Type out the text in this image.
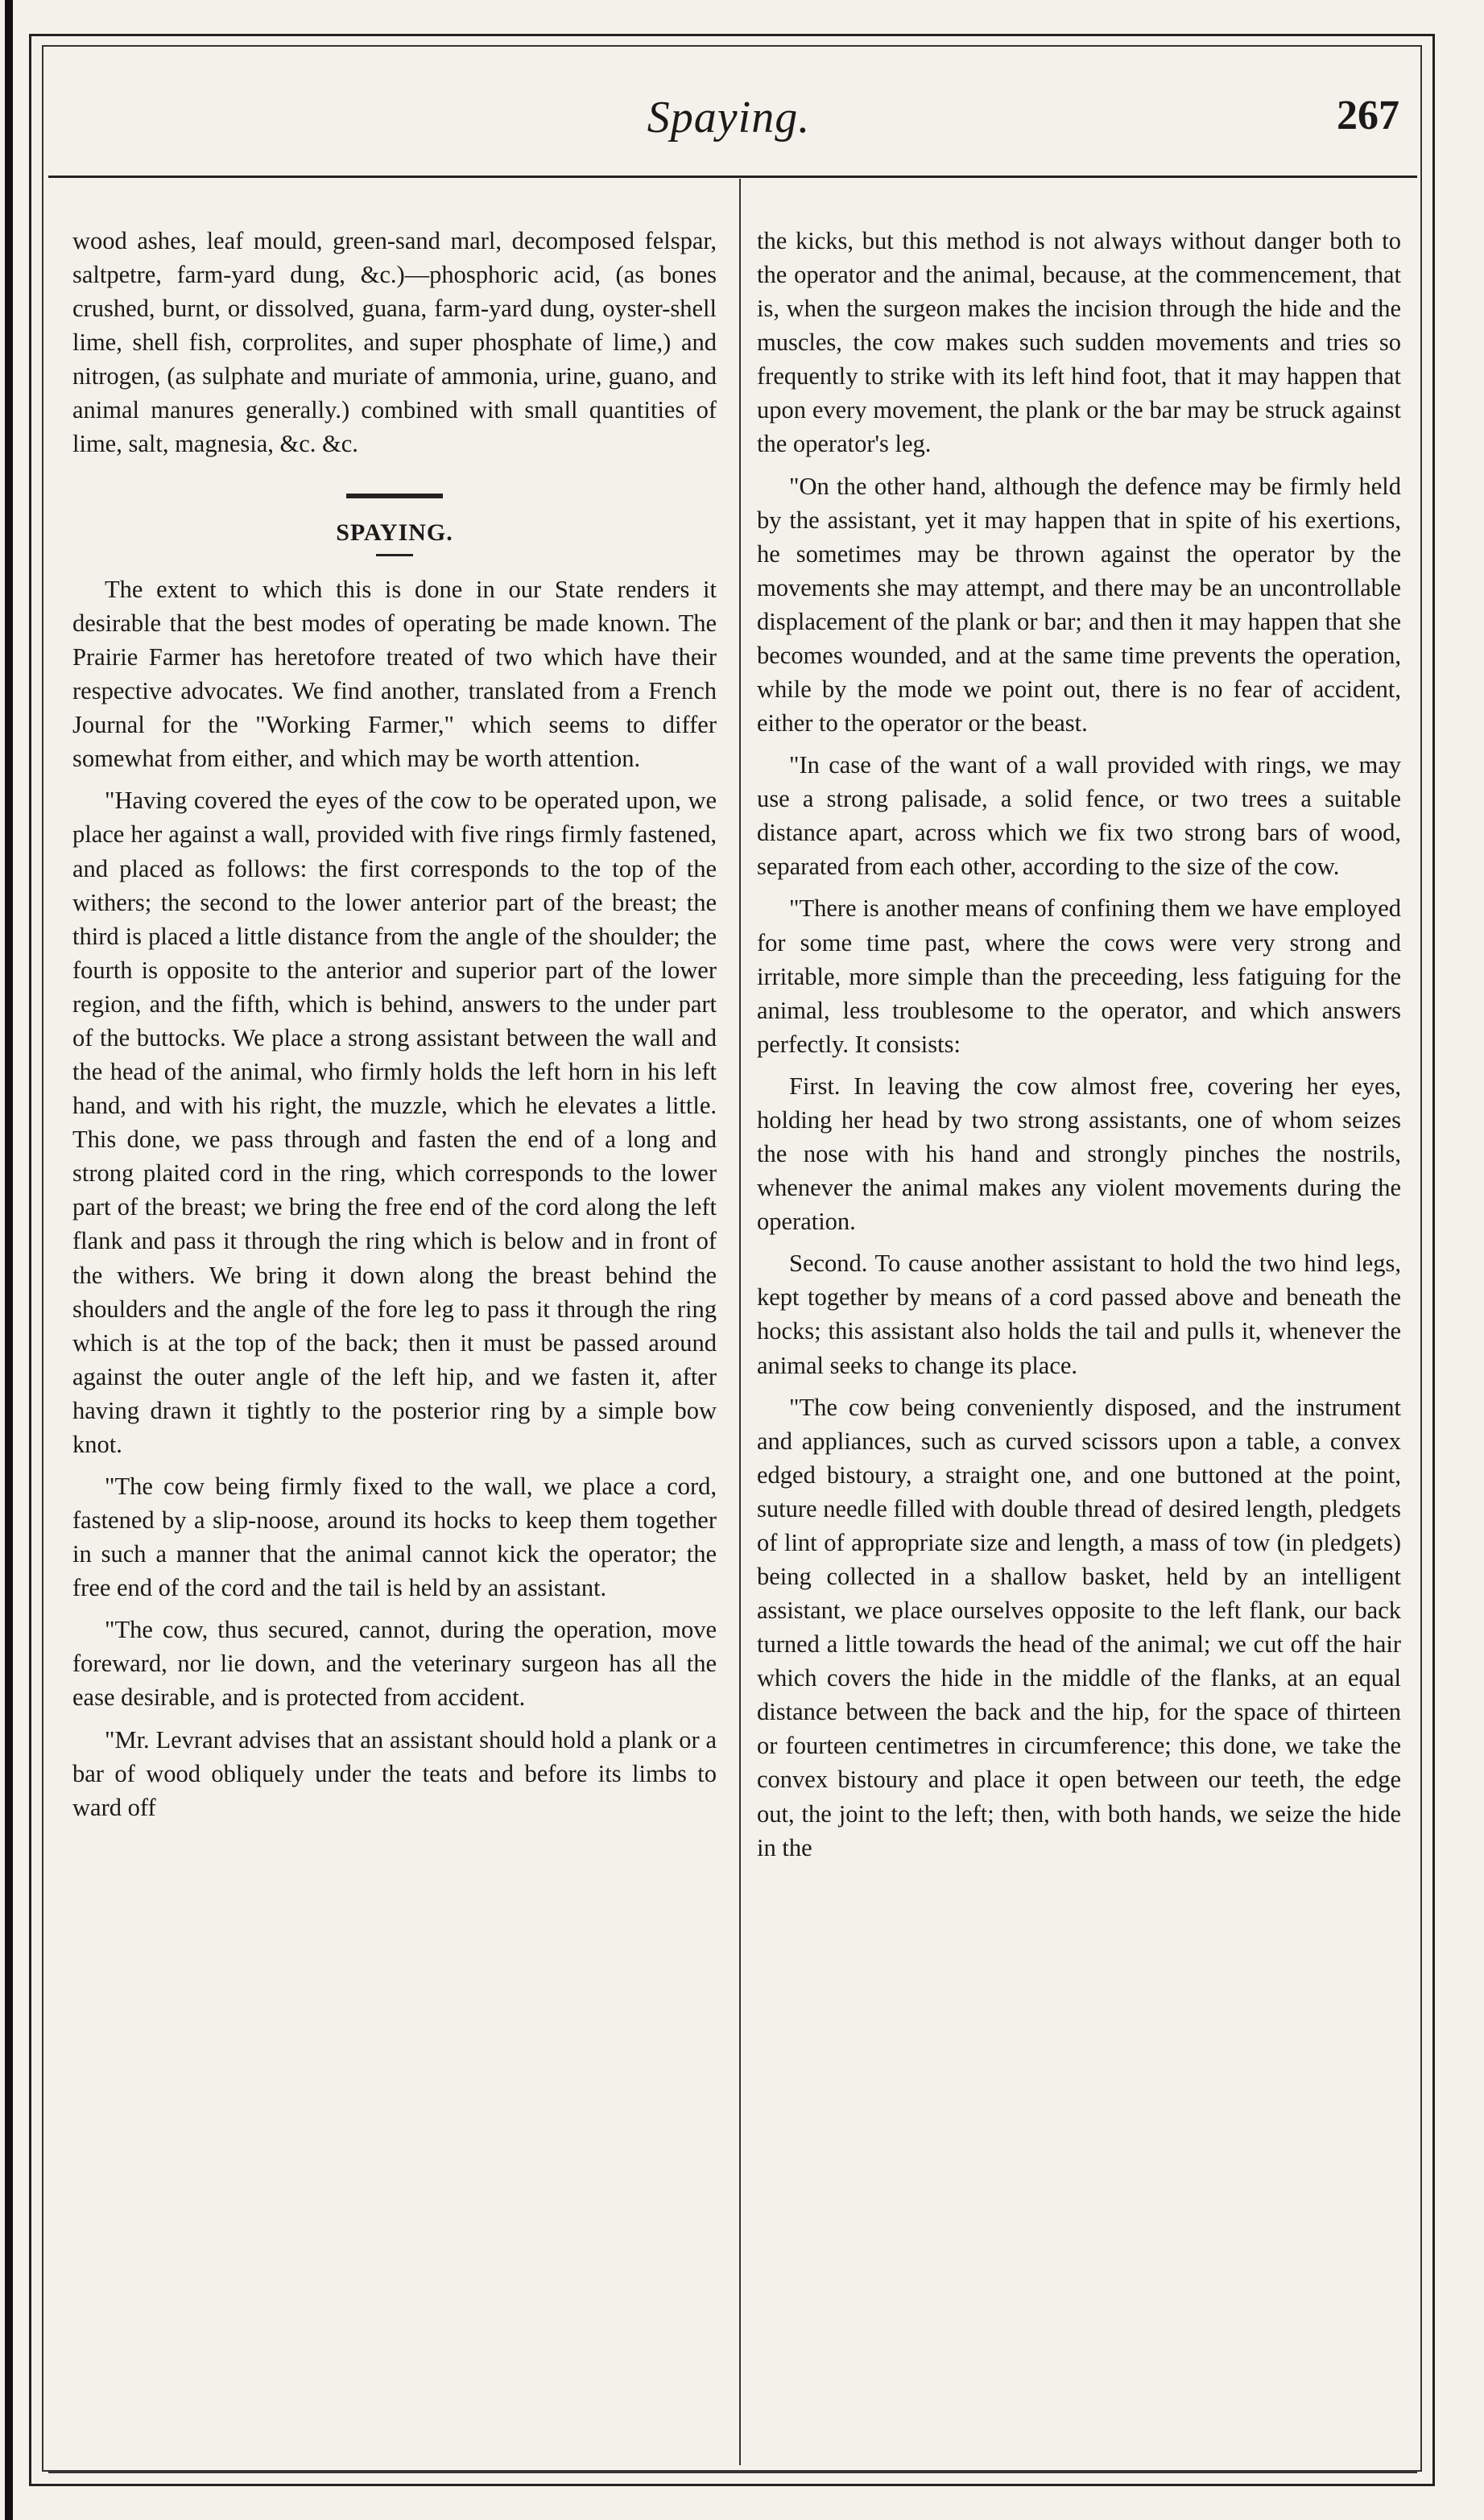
Spaying.	267

wood ashes, leaf mould, green-sand marl, decomposed felspar, saltpetre, farm-yard dung, &c.)—phosphoric acid, (as bones crushed, burnt, or dissolved, guana, farm-yard dung, oyster-shell lime, shell fish, corprolites, and super phosphate of lime,) and nitrogen, (as sulphate and muriate of ammonia, urine, guano, and animal manures generally.) combined with small quantities of lime, salt, magnesia, &c. &c.

SPAYING.

The extent to which this is done in our State renders it desirable that the best modes of operating be made known. The Prairie Farmer has heretofore treated of two which have their respective advocates. We find another, translated from a French Journal for the "Working Farmer," which seems to differ somewhat from either, and which may be worth attention.

"Having covered the eyes of the cow to be operated upon, we place her against a wall, provided with five rings firmly fastened, and placed as follows: the first corresponds to the top of the withers; the second to the lower anterior part of the breast; the third is placed a little distance from the angle of the shoulder; the fourth is opposite to the anterior and superior part of the lower region, and the fifth, which is behind, answers to the under part of the buttocks. We place a strong assistant between the wall and the head of the animal, who firmly holds the left horn in his left hand, and with his right, the muzzle, which he elevates a little. This done, we pass through and fasten the end of a long and strong plaited cord in the ring, which corresponds to the lower part of the breast; we bring the free end of the cord along the left flank and pass it through the ring which is below and in front of the withers. We bring it down along the breast behind the shoulders and the angle of the fore leg to pass it through the ring which is at the top of the back; then it must be passed around against the outer angle of the left hip, and we fasten it, after having drawn it tightly to the posterior ring by a simple bow knot.

"The cow being firmly fixed to the wall, we place a cord, fastened by a slip-noose, around its hocks to keep them together in such a manner that the animal cannot kick the operator; the free end of the cord and the tail is held by an assistant.

"The cow, thus secured, cannot, during the operation, move foreward, nor lie down, and the veterinary surgeon has all the ease desirable, and is protected from accident.

"Mr. Levrant advises that an assistant should hold a plank or a bar of wood obliquely under the teats and before its limbs to ward off

the kicks, but this method is not always without danger both to the operator and the animal, because, at the commencement, that is, when the surgeon makes the incision through the hide and the muscles, the cow makes such sudden movements and tries so frequently to strike with its left hind foot, that it may happen that upon every movement, the plank or the bar may be struck against the operator's leg.

"On the other hand, although the defence may be firmly held by the assistant, yet it may happen that in spite of his exertions, he sometimes may be thrown against the operator by the movements she may attempt, and there may be an uncontrollable displacement of the plank or bar; and then it may happen that she becomes wounded, and at the same time prevents the operation, while by the mode we point out, there is no fear of accident, either to the operator or the beast.

"In case of the want of a wall provided with rings, we may use a strong palisade, a solid fence, or two trees a suitable distance apart, across which we fix two strong bars of wood, separated from each other, according to the size of the cow.

"There is another means of confining them we have employed for some time past, where the cows were very strong and irritable, more simple than the preceeding, less fatiguing for the animal, less troublesome to the operator, and which answers perfectly. It consists:

First. In leaving the cow almost free, covering her eyes, holding her head by two strong assistants, one of whom seizes the nose with his hand and strongly pinches the nostrils, whenever the animal makes any violent movements during the operation.

Second. To cause another assistant to hold the two hind legs, kept together by means of a cord passed above and beneath the hocks; this assistant also holds the tail and pulls it, whenever the animal seeks to change its place.

"The cow being conveniently disposed, and the instrument and appliances, such as curved scissors upon a table, a convex edged bistoury, a straight one, and one buttoned at the point, suture needle filled with double thread of desired length, pledgets of lint of appropriate size and length, a mass of tow (in pledgets) being collected in a shallow basket, held by an intelligent assistant, we place ourselves opposite to the left flank, our back turned a little towards the head of the animal; we cut off the hair which covers the hide in the middle of the flanks, at an equal distance between the back and the hip, for the space of thirteen or fourteen centimetres in circumference; this done, we take the convex bistoury and place it open between our teeth, the edge out, the joint to the left; then, with both hands, we seize the hide in the
